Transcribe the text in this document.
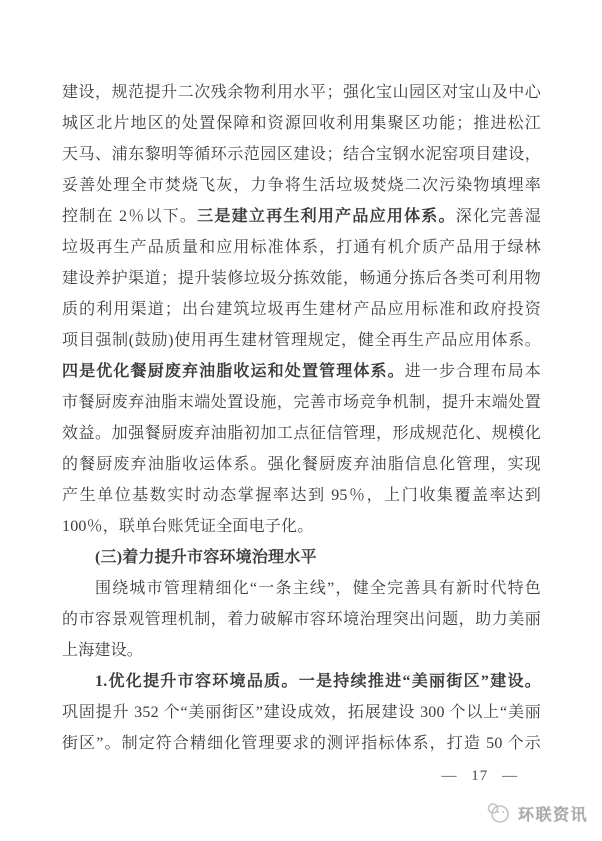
建设，规范提升二次残余物利用水平；强化宝山园区对宝山及中心
城区北片地区的处置保障和资源回收利用集聚区功能；推进松江
天马、浦东黎明等循环示范园区建设；结合宝钢水泥窑项目建设，
妥善处理全市焚烧飞灰，力争将生活垃圾焚烧二次污染物填埋率
控制在 2％以下。三是建立再生利用产品应用体系。深化完善湿
垃圾再生产品质量和应用标准体系，打通有机介质产品用于绿林
建设养护渠道；提升装修垃圾分拣效能，畅通分拣后各类可利用物
质的利用渠道；出台建筑垃圾再生建材产品应用标准和政府投资
项目强制(鼓励)使用再生建材管理规定，健全再生产品应用体系。
四是优化餐厨废弃油脂收运和处置管理体系。进一步合理布局本
市餐厨废弃油脂末端处置设施，完善市场竞争机制，提升末端处置
效益。加强餐厨废弃油脂初加工点征信管理，形成规范化、规模化
的餐厨废弃油脂收运体系。强化餐厨废弃油脂信息化管理，实现
产生单位基数实时动态掌握率达到 95％，上门收集覆盖率达到
100％，联单台账凭证全面电子化。
(三)着力提升市容环境治理水平
围绕城市管理精细化“一条主线”，健全完善具有新时代特色
的市容景观管理机制，着力破解市容环境治理突出问题，助力美丽
上海建设。
1.优化提升市容环境品质。一是持续推进“美丽街区”建设。
巩固提升 352 个“美丽街区”建设成效，拓展建设 300 个以上“美丽
街区”。制定符合精细化管理要求的测评指标体系，打造 50 个示
— 17 —
环联资讯
